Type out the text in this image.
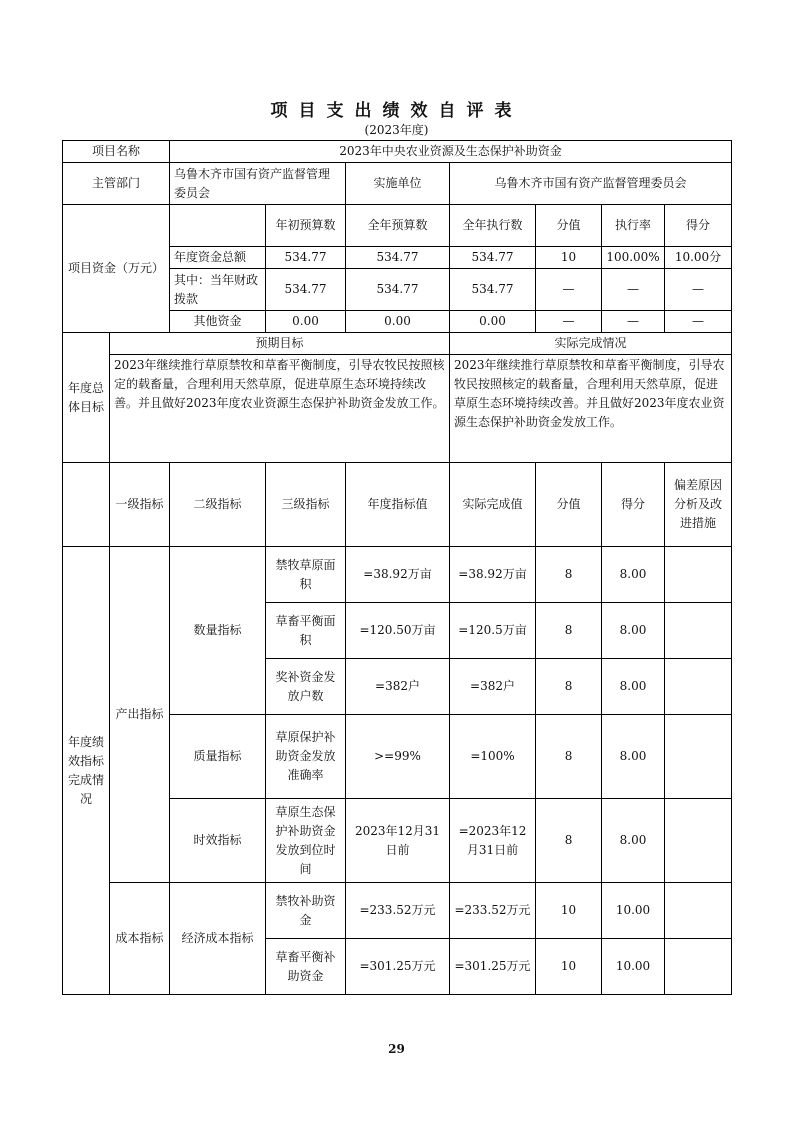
项目支出绩效自评表
(2023年度)
项目名称		2023年中央农业资源及生态保护补助资金						
主管部门		乌鲁木齐市国有资产监督管理委员会		实施单位	乌鲁木齐市国有资产监督管理委员会			
项目资金（万元）			年初预算数	全年预算数	全年执行数	分值	执行率	得分
		年度资金总额	534.77	534.77	534.77	10	100.00%	10.00分
		其中：当年财政拨款	534.77	534.77	534.77	—	—	—
		其他资金	0.00	0.00	0.00	—	—	—
年度总体目标	预期目标				实际完成情况			
	2023年继续推行草原禁牧和草畜平衡制度，引导农牧民按照核定的载畜量，合理利用天然草原，促进草原生态环境持续改善。并且做好2023年度农业资源生态保护补助资金发放工作。				2023年继续推行草原禁牧和草畜平衡制度，引导农牧民按照核定的载畜量，合理利用天然草原，促进草原生态环境持续改善。并且做好2023年度农业资源生态保护补助资金发放工作。			
	一级指标	二级指标	三级指标	年度指标值	实际完成值	分值	得分	偏差原因分析及改进措施
年度绩效指标完成情况	产出指标	数量指标	禁牧草原面积	=38.92万亩	=38.92万亩	8	8.00	
			草畜平衡面积	=120.50万亩	=120.5万亩	8	8.00	
			奖补资金发放户数	=382户	=382户	8	8.00	
		质量指标	草原保护补助资金发放准确率	>=99%	=100%	8	8.00	
		时效指标	草原生态保护补助资金发放到位时间	2023年12月31日前	=2023年12月31日前	8	8.00	
	成本指标	经济成本指标	禁牧补助资金	=233.52万元	=233.52万元	10	10.00	
			草畜平衡补助资金	=301.25万元	=301.25万元	10	10.00	
29
